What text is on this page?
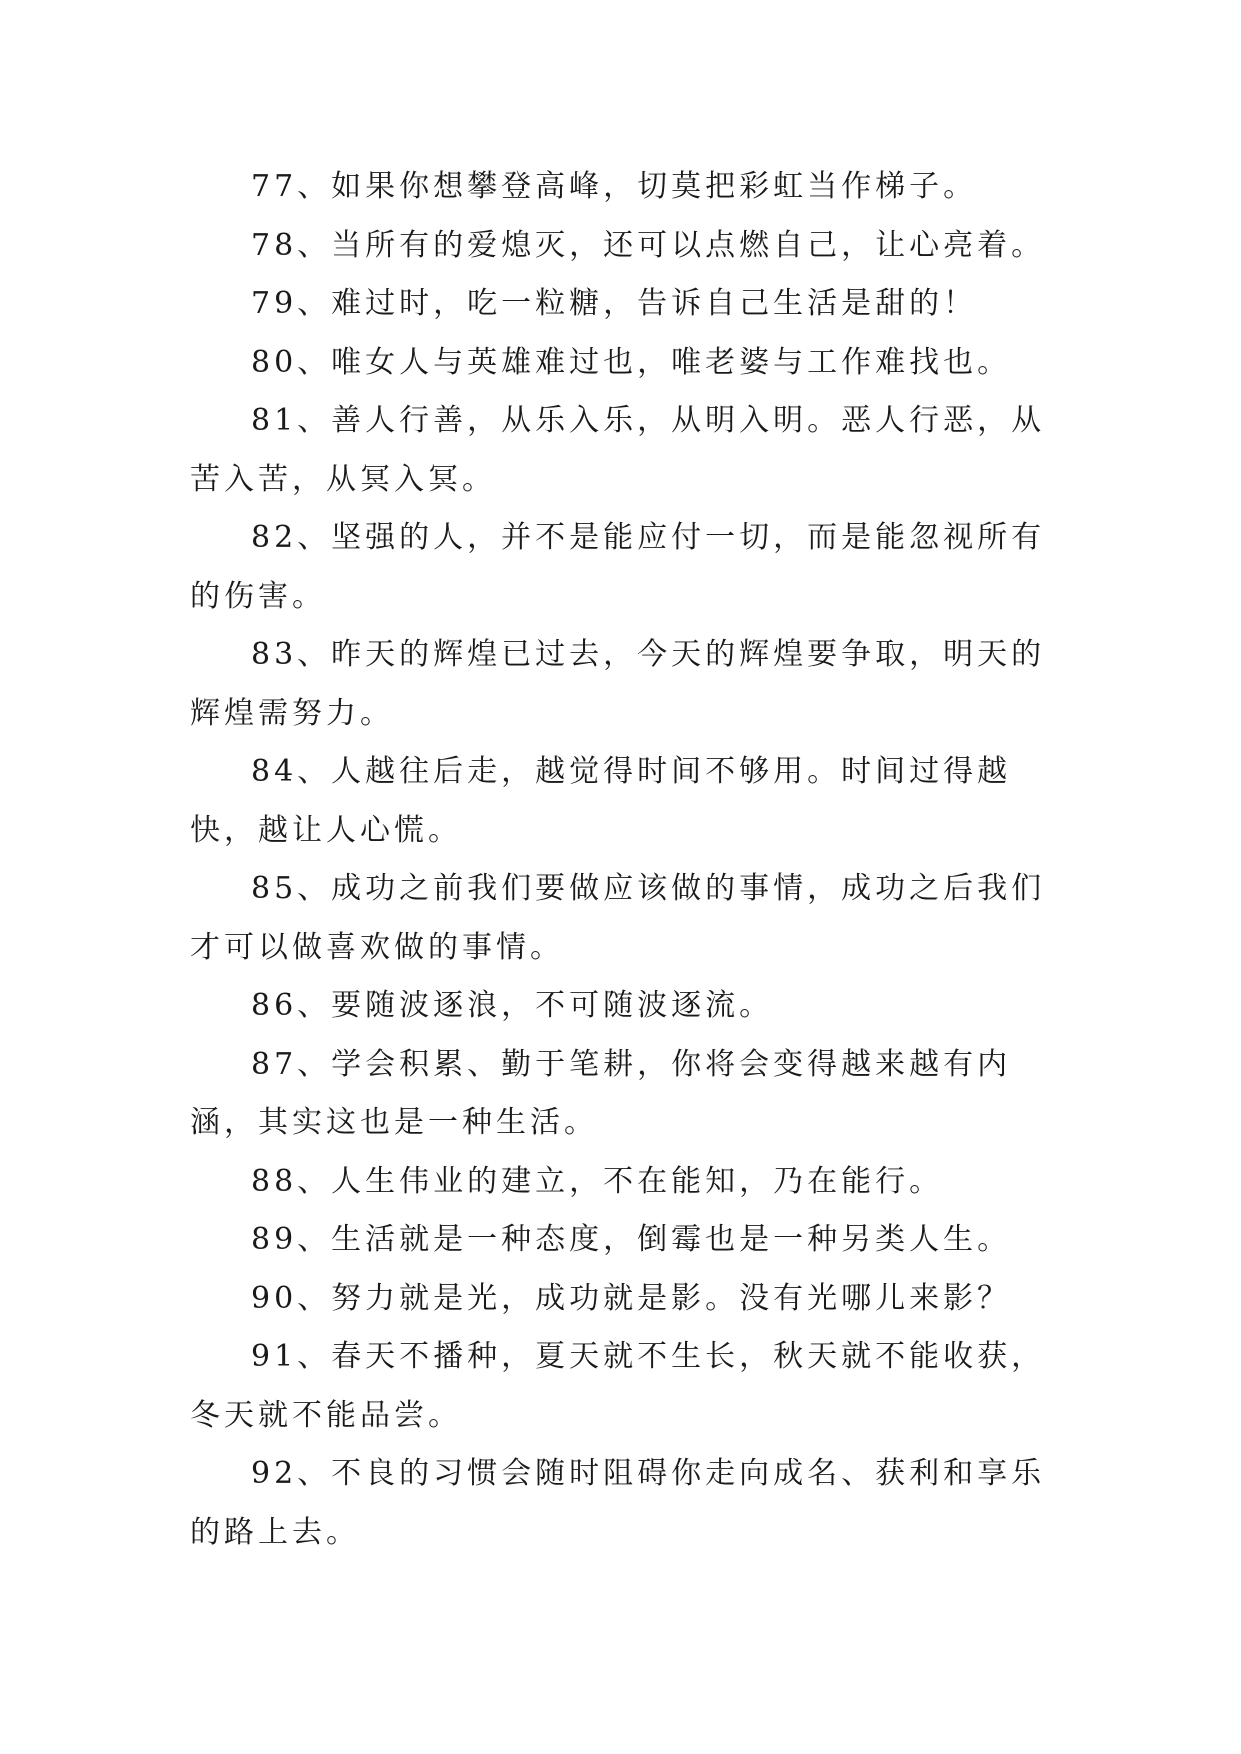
77、如果你想攀登高峰，切莫把彩虹当作梯子。

78、当所有的爱熄灭，还可以点燃自己，让心亮着。

79、难过时，吃一粒糖，告诉自己生活是甜的！

80、唯女人与英雄难过也，唯老婆与工作难找也。

81、善人行善，从乐入乐，从明入明。恶人行恶，从苦入苦，从冥入冥。

82、坚强的人，并不是能应付一切，而是能忽视所有的伤害。

83、昨天的辉煌已过去，今天的辉煌要争取，明天的辉煌需努力。

84、人越往后走，越觉得时间不够用。时间过得越快，越让人心慌。

85、成功之前我们要做应该做的事情，成功之后我们才可以做喜欢做的事情。

86、要随波逐浪，不可随波逐流。

87、学会积累、勤于笔耕，你将会变得越来越有内涵，其实这也是一种生活。

88、人生伟业的建立，不在能知，乃在能行。

89、生活就是一种态度，倒霉也是一种另类人生。

90、努力就是光，成功就是影。没有光哪儿来影？

91、春天不播种，夏天就不生长，秋天就不能收获，冬天就不能品尝。

92、不良的习惯会随时阻碍你走向成名、获利和享乐的路上去。
